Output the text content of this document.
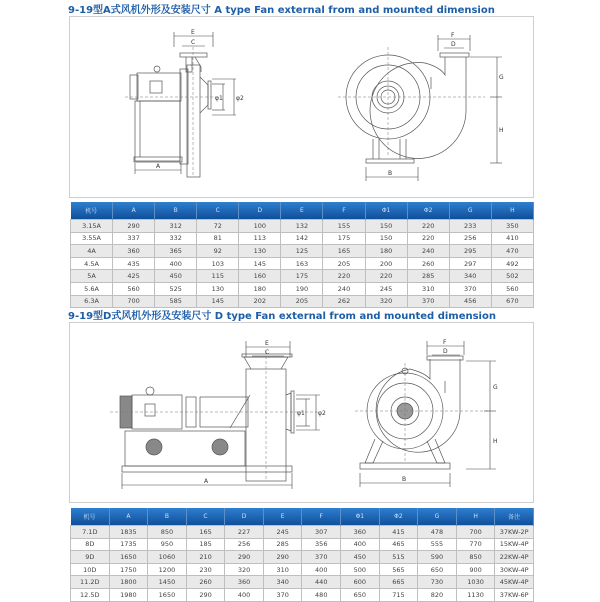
9-19型A式风机外形及安装尺寸 A type Fan external from and mounted dimension
E
C
A
φ1 φ2
F
D
G
H
B
机号	A	B	C	D	E	F	Φ1	Φ2	G	H
3.15A	290	312	72	100	132	155	150	220	233	350
3.55A	337	332	81	113	142	175	150	220	256	410
4A	360	365	92	130	125	165	180	240	295	470
4.5A	435	400	103	145	163	205	200	260	297	492
5A	425	450	115	160	175	220	220	285	340	502
5.6A	560	525	130	180	190	240	245	310	370	560
6.3A	700	585	145	202	205	262	320	370	456	670
9-19型D式风机外形及安装尺寸 D type Fan external from and mounted dimension
E
C
A
φ1 φ2
F
D
G
H
B
机号	A	B	C	D	E	F	Φ1	Φ2	G	H	备注
7.1D	1835	850	165	227	245	307	360	415	478	700	37KW-2P
8D	1735	950	185	256	285	356	400	465	555	770	15KW-4P
9D	1650	1060	210	290	290	370	450	515	590	850	22KW-4P
10D	1750	1200	230	320	310	400	500	565	650	900	30KW-4P
11.2D	1800	1450	260	360	340	440	600	665	730	1030	45KW-4P
12.5D	1980	1650	290	400	370	480	650	715	820	1130	37KW-6P
